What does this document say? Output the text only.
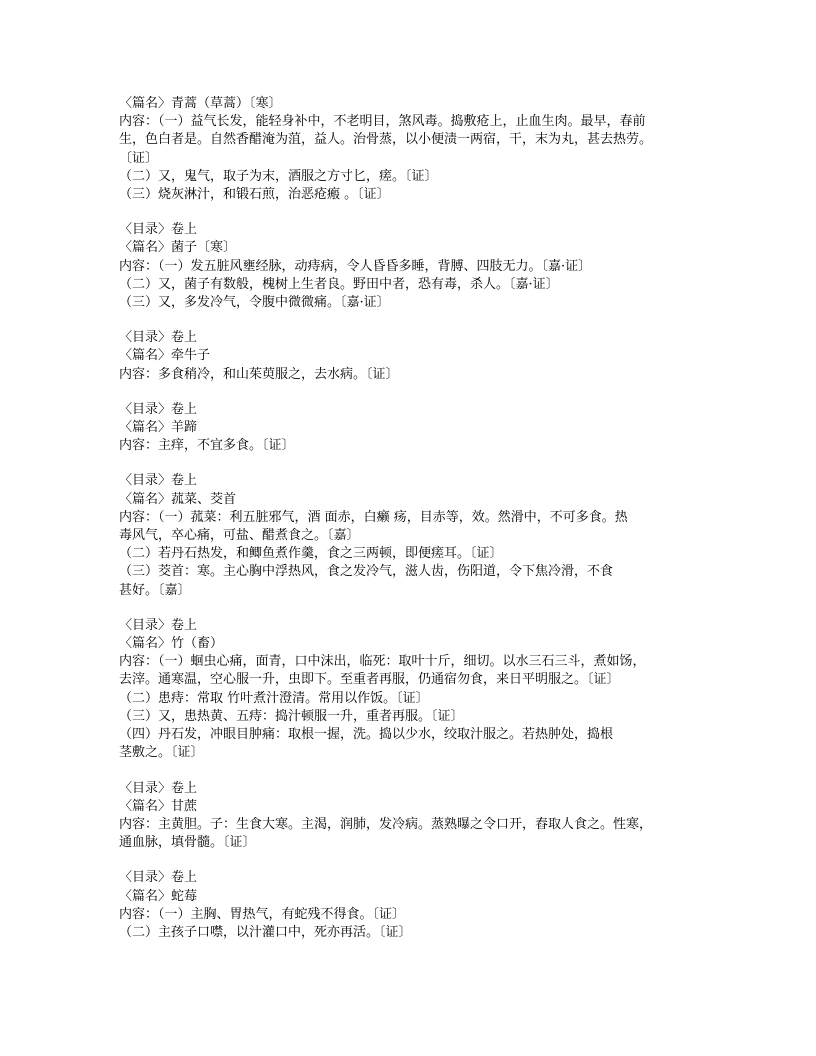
〈篇名〉青蒿（草蒿）〔寒〕
内容：（一）益气长发，能轻身补中，不老明目，煞风毒。捣敷疮上，止血生肉。最早，春前
生，色白者是。自然香醋淹为菹，益人。治骨蒸，以小便渍一两宿，干，末为丸，甚去热劳。
〔证〕
（二）又，鬼气，取子为末，酒服之方寸匕，瘥。〔证〕
（三）烧灰淋汁，和锻石煎，治恶疮瘢 。〔证〕
〈目录〉卷上
〈篇名〉菌子〔寒〕
内容：（一）发五脏风壅经脉，动痔病，令人昏昏多睡，背膊、四肢无力。〔嘉·证〕
（二）又，菌子有数般，槐树上生者良。野田中者，恐有毒，杀人。〔嘉·证〕
（三）又，多发冷气，令腹中微微痛。〔嘉·证〕
〈目录〉卷上
〈篇名〉牵牛子
内容：多食稍冷，和山茱萸服之，去水病。〔证〕
〈目录〉卷上
〈篇名〉羊蹄
内容：主痒，不宜多食。〔证〕
〈目录〉卷上
〈篇名〉菰菜、茭首
内容：（一）菰菜：利五脏邪气，酒 面赤，白癞 疡，目赤等，效。然滑中，不可多食。热
毒风气，卒心痛，可盐、醋煮食之。〔嘉〕
（二）若丹石热发，和鲫鱼煮作羹，食之三两顿，即便瘥耳。〔证〕
（三）茭首：寒。主心胸中浮热风，食之发冷气，滋人齿，伤阳道，令下焦冷滑，不食
甚好。〔嘉〕
〈目录〉卷上
〈篇名〉竹（畜）
内容：（一）蛔虫心痛，面青，口中沫出，临死：取叶十斤，细切。以水三石三斗，煮如饧，
去滓。通寒温，空心服一升，虫即下。至重者再服，仍通宿勿食，来日平明服之。〔证〕
（二）患痔：常取 竹叶煮汁澄清。常用以作饭。〔证〕
（三）又，患热黄、五痔：捣汁顿服一升，重者再服。〔证〕
（四）丹石发，冲眼目肿痛：取根一握，洗。捣以少水，绞取汁服之。若热肿处，捣根
茎敷之。〔证〕
〈目录〉卷上
〈篇名〉甘蔗
内容：主黄胆。子：生食大寒。主渴，润肺，发冷病。蒸熟曝之令口开，舂取人食之。性寒，
通血脉，填骨髓。〔证〕
〈目录〉卷上
〈篇名〉蛇莓
内容：（一）主胸、胃热气，有蛇残不得食。〔证〕
（二）主孩子口噤，以汁灌口中，死亦再活。〔证〕
